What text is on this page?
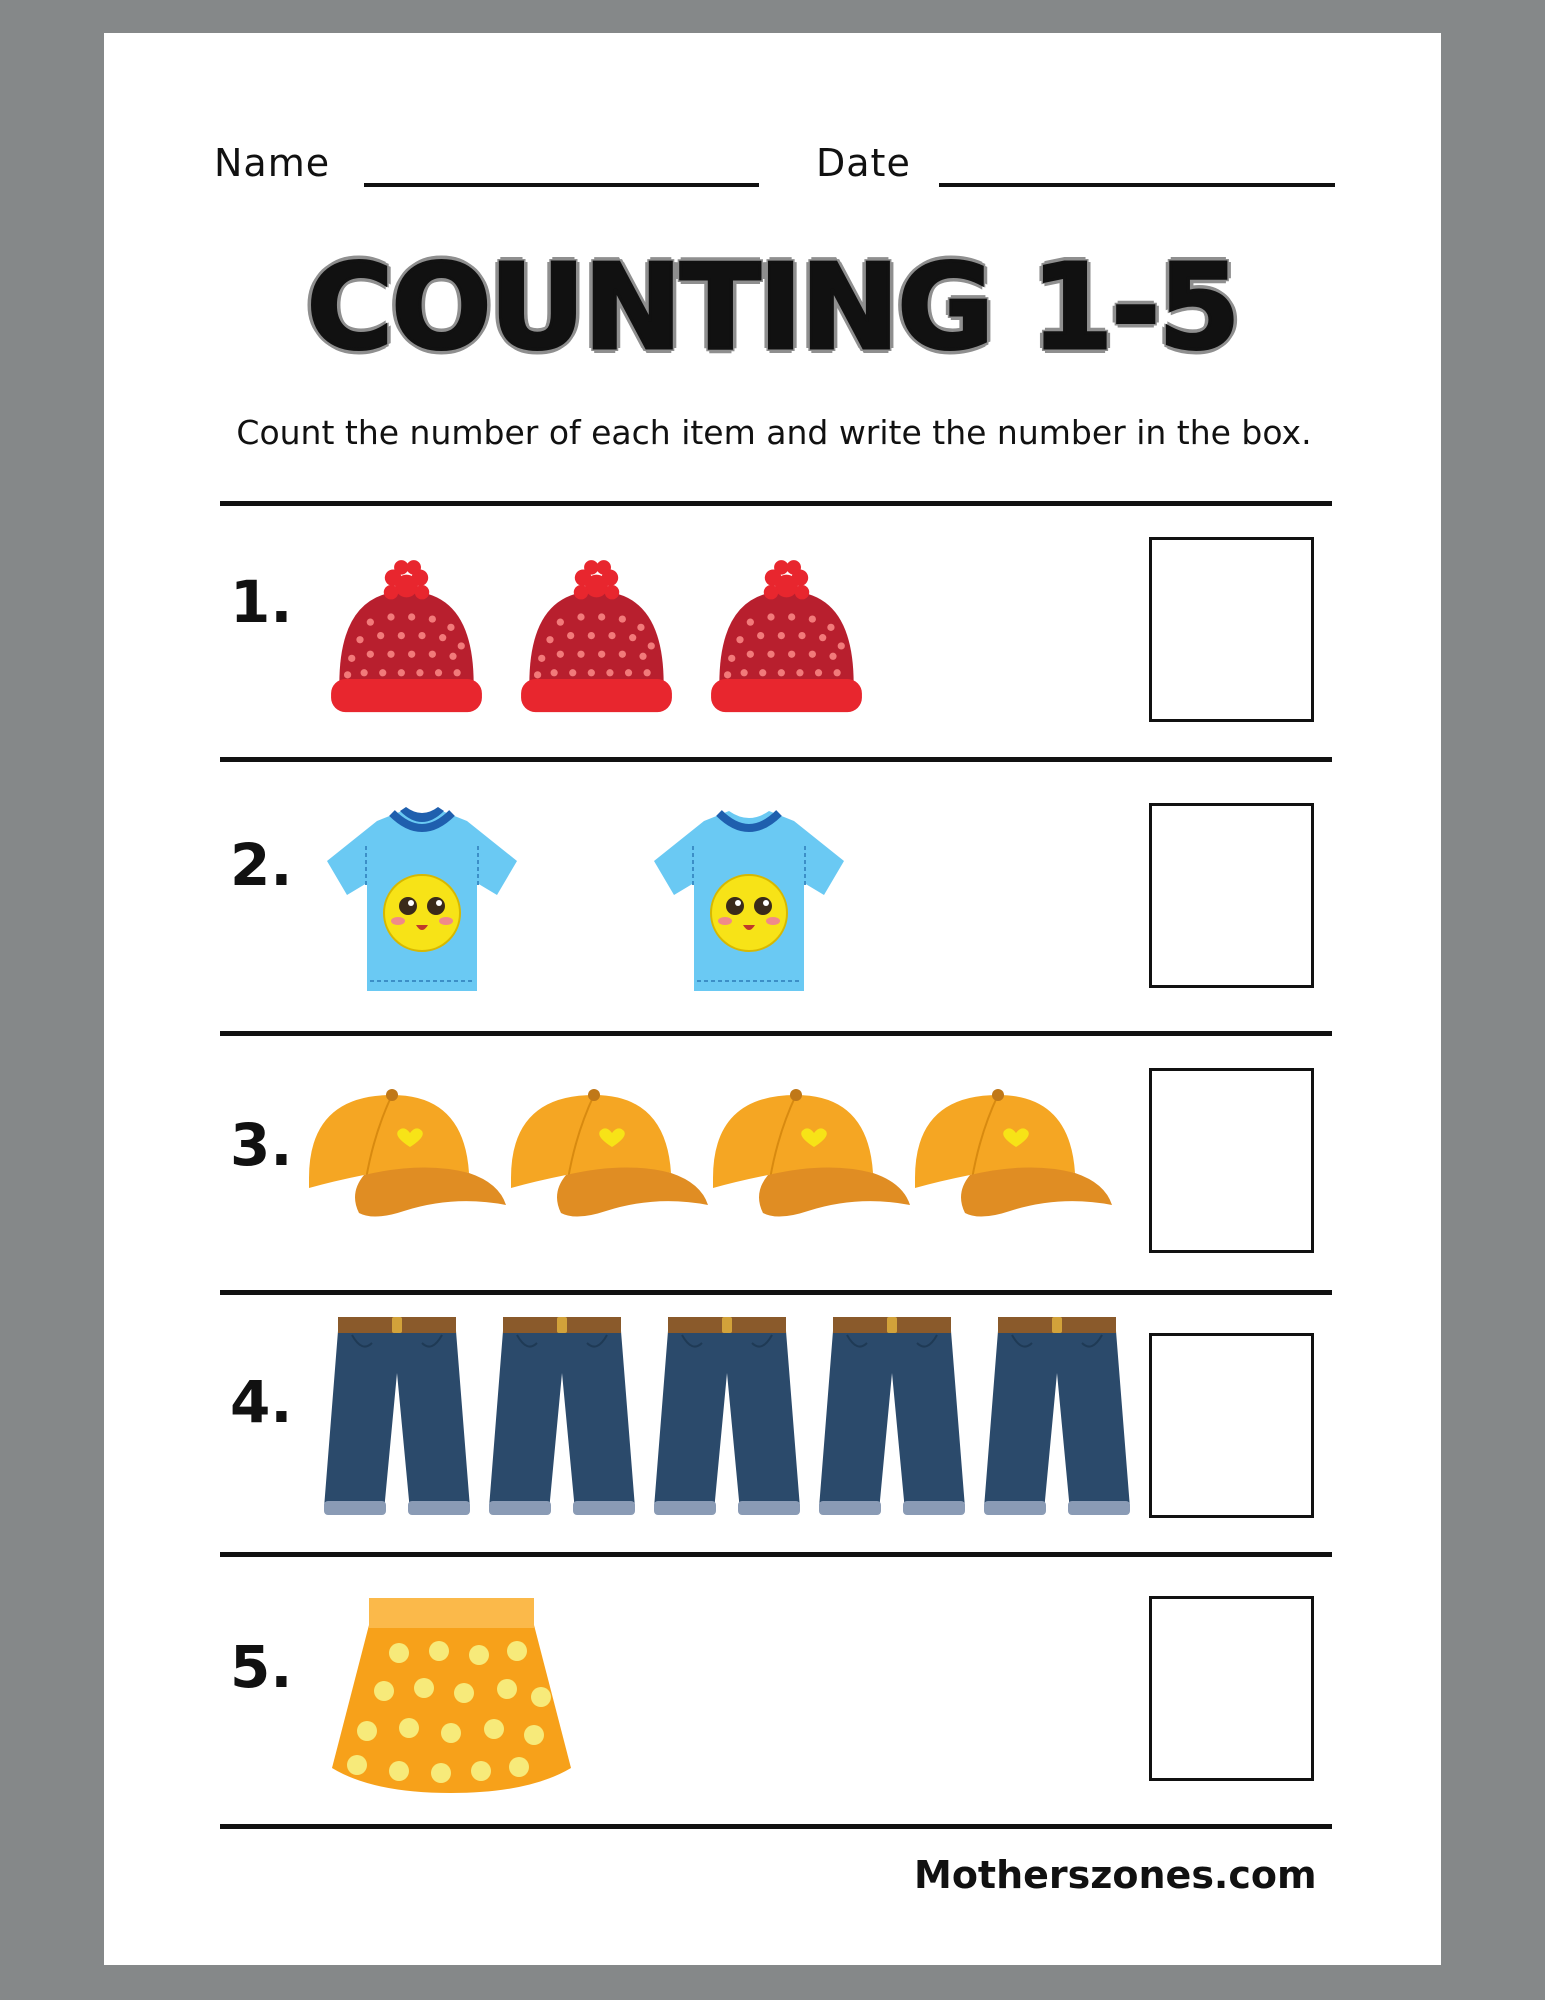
Name	Date
COUNTING 1-5
Count the number of each item and write the number in the box.
1.
2.
3.
4.
5.
Motherszones.com
